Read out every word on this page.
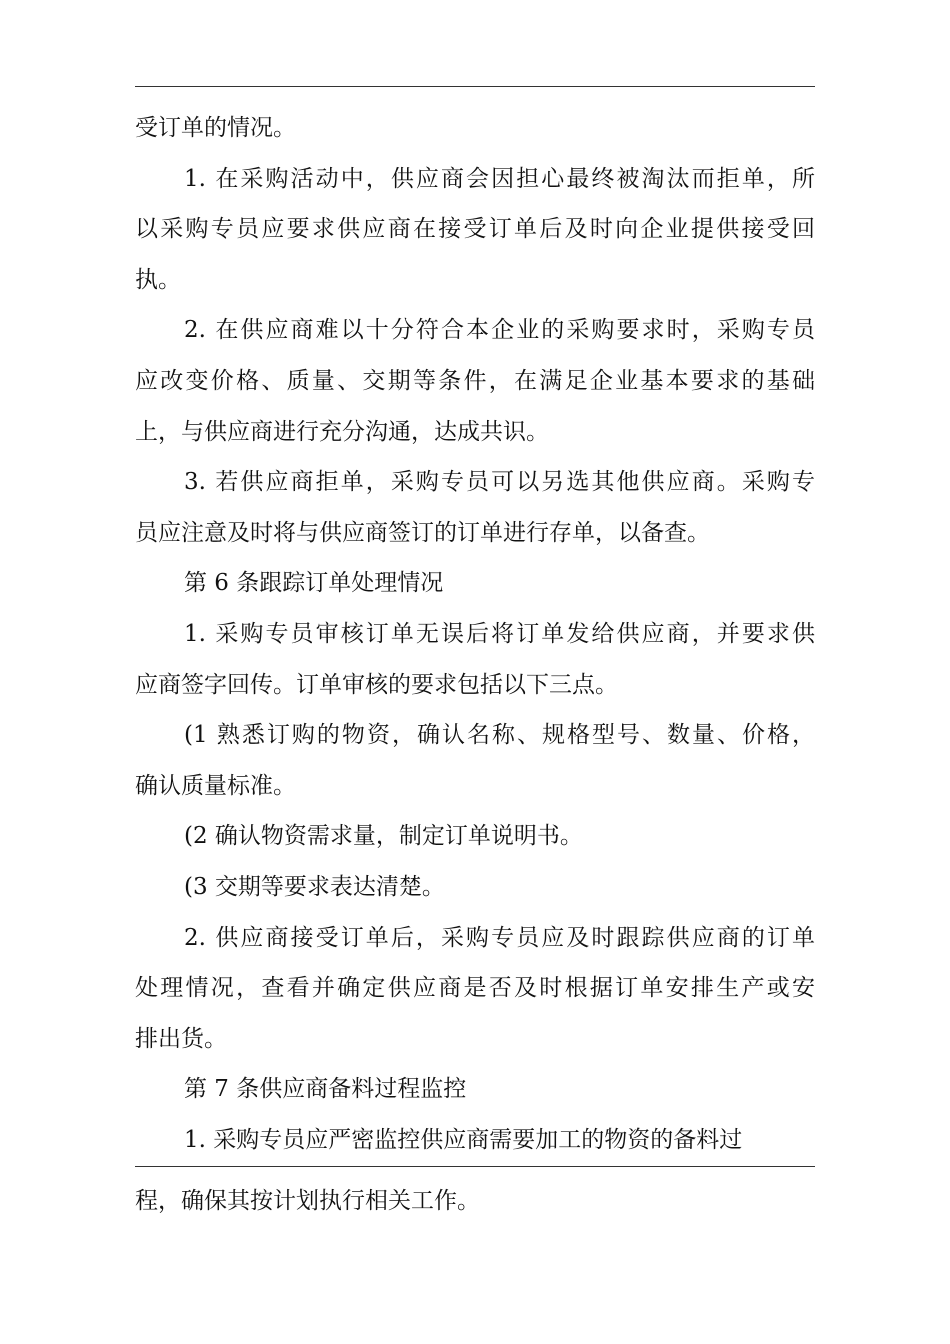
受订单的情况。
1. 在采购活动中，供应商会因担心最终被淘汰而拒单，所
以采购专员应要求供应商在接受订单后及时向企业提供接受回
执。
2. 在供应商难以十分符合本企业的采购要求时，采购专员
应改变价格、质量、交期等条件，在满足企业基本要求的基础
上，与供应商进行充分沟通，达成共识。
3. 若供应商拒单，采购专员可以另选其他供应商。采购专
员应注意及时将与供应商签订的订单进行存单，以备查。
第 6 条跟踪订单处理情况
1. 采购专员审核订单无误后将订单发给供应商，并要求供
应商签字回传。订单审核的要求包括以下三点。
(1 熟悉订购的物资，确认名称、规格型号、数量、价格，
确认质量标准。
(2 确认物资需求量，制定订单说明书。
(3 交期等要求表达清楚。
2. 供应商接受订单后，采购专员应及时跟踪供应商的订单
处理情况，查看并确定供应商是否及时根据订单安排生产或安
排出货。
第 7 条供应商备料过程监控
1. 采购专员应严密监控供应商需要加工的物资的备料过
程，确保其按计划执行相关工作。
